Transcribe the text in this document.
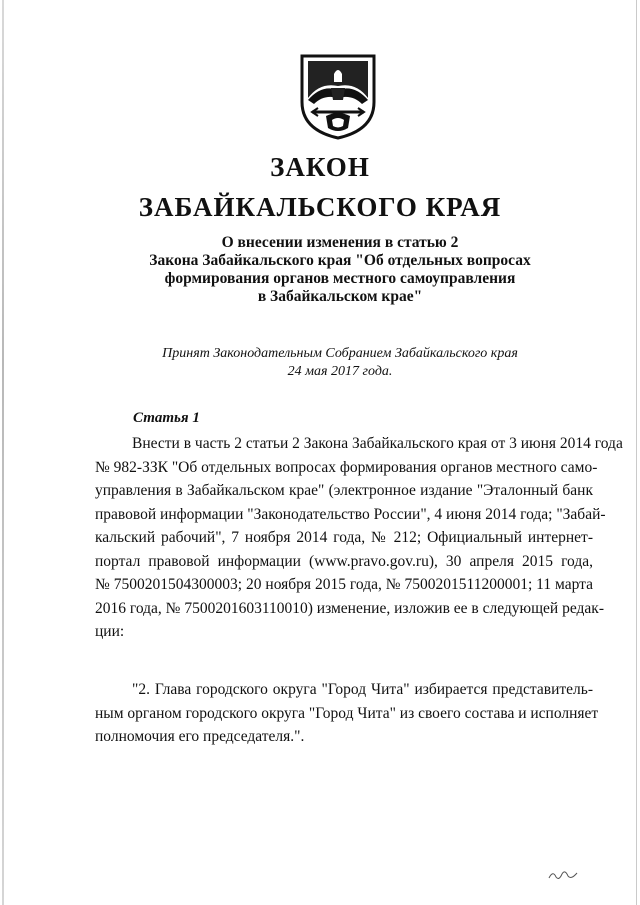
ЗАКОН
ЗАБАЙКАЛЬСКОГО КРАЯ
О внесении изменения в статью 2
Закона Забайкальского края "Об отдельных вопросах
формирования органов местного самоуправления
в Забайкальском крае"
Принят Законодательным Собранием Забайкальского края
24 мая 2017 года.
Статья 1
Внести в часть 2 статьи 2 Закона Забайкальского края от 3 июня 2014 года
№ 982-ЗЗК "Об отдельных вопросах формирования органов местного само-
управления в Забайкальском крае" (электронное издание "Эталонный банк
правовой информации "Законодательство России", 4 июня 2014 года; "Забай-
кальский рабочий", 7 ноября 2014 года, № 212; Официальный интернет-
портал правовой информации (www.pravo.gov.ru), 30 апреля 2015 года,
№ 7500201504300003; 20 ноября 2015 года, № 7500201511200001; 11 марта
2016 года, № 7500201603110010) изменение, изложив ее в следующей редак-
ции:
"2. Глава городского округа "Город Чита" избирается представитель-
ным органом городского округа "Город Чита" из своего состава и исполняет
полномочия его председателя.".
